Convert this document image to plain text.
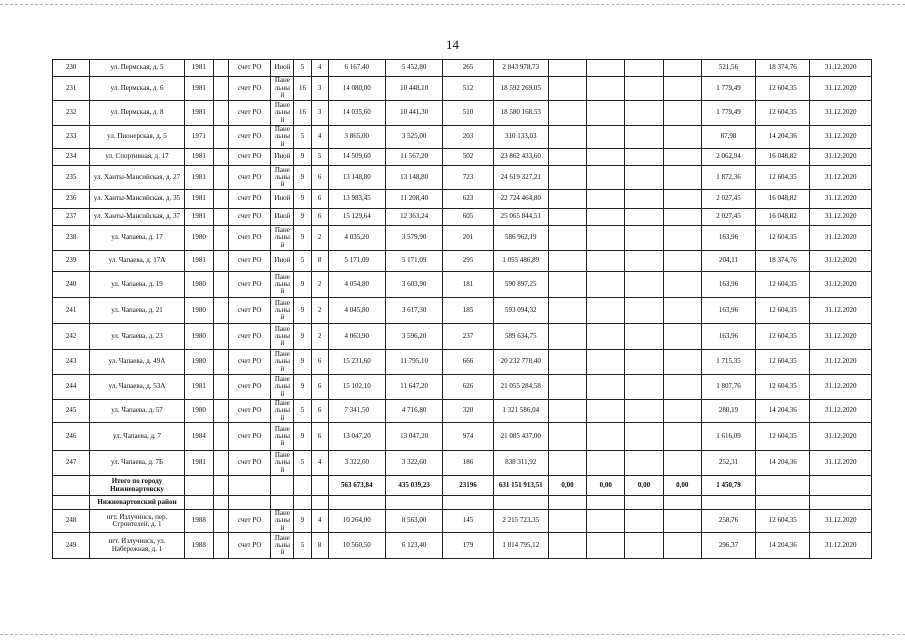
14
230	ул. Пермская, д. 5	1981		счет РО	Иной	5	4	6 167,40	5 452,80	265	2 843 978,73					521,56	18 374,76	31.12.2020
231	ул. Пермская, д. 6	1981		счет РО	Пане льны й	16	3	14 080,00	10 448,10	512	18 592 269,05					1 779,49	12 604,35	31.12.2020
232	ул. Пермская, д. 8	1981		счет РО	Пане льны й	16	3	14 035,60	10 441,30	510	18 580 168,53					1 779,49	12 604,35	31.12.2020
233	ул. Пионерская, д. 5	1971		счет РО	Пане льны й	5	4	3 865,00	3 525,00	203	310 133,03					87,98	14 204,36	31.12.2020
234	ул. Спортивная, д. 17	1981		счет РО	Иной	9	5	14 509,60	11 567,20	502	23 862 433,60					2 062,94	16 048,82	31.12.2020
235	ул. Ханты-Мансийская, д. 27	1981		счет РО	Пане льны й	9	6	13 148,80	13 148,80	723	24 619 327,21					1 872,36	12 604,35	31.12.2020
236	ул. Ханты-Мансийская, д. 35	1981		счет РО	Иной	9	6	13 983,45	11 208,40	623	22 724 464,80					2 027,45	16 048,82	31.12.2020
237	ул. Ханты-Мансийская, д. 37	1981		счет РО	Иной	9	6	15 129,64	12 363,24	605	25 065 844,51					2 027,45	16 048,82	31.12.2020
238	ул. Чапаева, д. 17	1980		счет РО	Пане льны й	9	2	4 035,20	3 579,90	201	586 962,19					163,96	12 604,35	31.12.2020
239	ул. Чапаева, д. 17А	1981		счет РО	Иной	5	8	5 171,09	5 171,09	295	1 055 486,89					204,11	18 374,76	31.12.2020
240	ул. Чапаева, д. 19	1980		счет РО	Пане льны й	9	2	4 054,80	3 603,90	181	590 897,25					163,96	12 604,35	31.12.2020
241	ул. Чапаева, д. 21	1980		счет РО	Пане льны й	9	2	4 045,80	3 617,30	185	593 094,32					163,96	12 604,35	31.12.2020
242	ул. Чапаева, д. 23	1980		счет РО	Пане льны й	9	2	4 063,90	3 596,20	237	589 634,75					163,96	12 604,35	31.12.2020
243	ул. Чапаева, д. 49А	1980		счет РО	Пане льны й	9	6	15 231,60	11 795,10	666	20 232 778,40					1 715,35	12 604,35	31.12.2020
244	ул. Чапаева, д. 53А	1981		счет РО	Пане льны й	9	6	15 102,10	11 647,20	626	21 055 284,58					1 807,76	12 604,35	31.12.2020
245	ул. Чапаева, д. 57	1980		счет РО	Пане льны й	5	6	7 341,50	4 716,80	320	1 321 586,04					280,19	14 204,36	31.12.2020
246	ул. Чапаева, д. 7	1984		счет РО	Пане льны й	9	6	13 047,20	13 047,20	974	21 085 437,00					1 616,09	12 604,35	31.12.2020
247	ул. Чапаева, д. 7Б	1981		счет РО	Пане льны й	5	4	3 322,60	3 322,60	186	838 311,92					252,31	14 204,36	31.12.2020
	Итого по городу Нижневартовску							563 673,84	435 039,23	23196	631 151 913,51	0,00	0,00	0,00	0,00	1 450,79		
	Нижневартовский район																	
248	пгт. Излучинск, пер. Строителей, д. 1	1988		счет РО	Пане льны й	9	4	10 264,00	8 563,00	145	2 215 723,35					258,76	12 604,35	31.12.2020
249	пгт. Излучинск, ул. Набережная, д. 1	1988		счет РО	Пане льны й	5	8	10 560,50	6 123,40	179	1 814 795,12					296,37	14 204,36	31.12.2020
